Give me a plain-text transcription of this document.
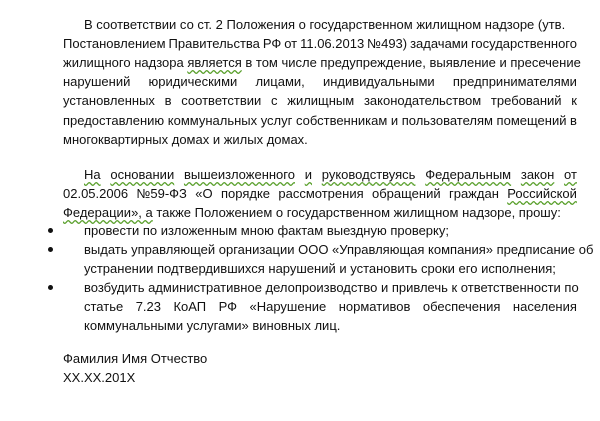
В соответствии со ст. 2 Положения о государственном жилищном надзоре (утв.
Постановлением Правительства РФ от 11.06.2013 №493) задачами государственного
жилищного надзора является в том числе предупреждение, выявление и пресечение
нарушений юридическими лицами, индивидуальными предпринимателями
установленных в соответствии с жилищным законодательством требований к
предоставлению коммунальных услуг собственникам и пользователям помещений в
многоквартирных домах и жилых домах.
На основании вышеизложенного и руководствуясь Федеральным закон от
02.05.2006 №59-ФЗ «О порядке рассмотрения обращений граждан Российской
Федерации», а также Положением о государственном жилищном надзоре, прошу:
провести по изложенным мною фактам выездную проверку;
выдать управляющей организации ООО «Управляющая компания» предписание об
устранении подтвердившихся нарушений и установить сроки его исполнения;
возбудить административное делопроизводство и привлечь к ответственности по
статье 7.23 КоАП РФ «Нарушение нормативов обеспечения населения
коммунальными услугами» виновных лиц.
Фамилия Имя Отчество
XX.XX.201X
